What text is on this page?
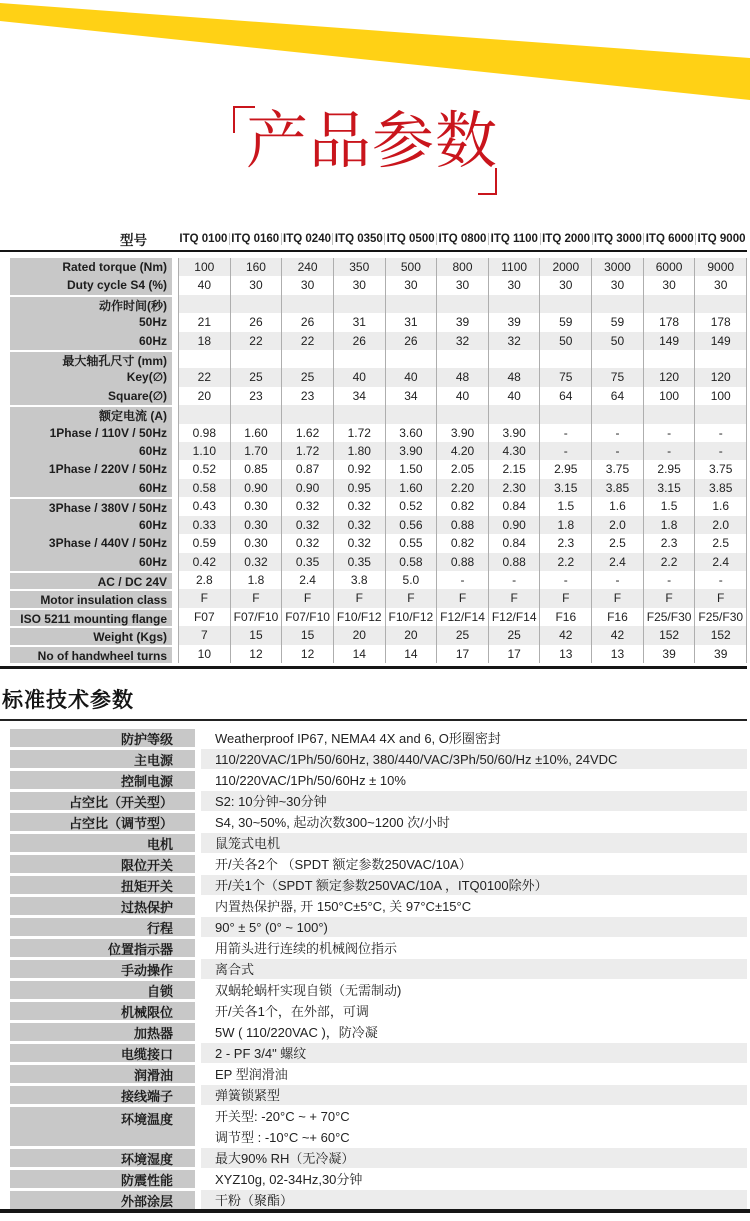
产品参数
型号	ITQ 0100 ITQ 0160 ITQ 0240 ITQ 0350 ITQ 0500 ITQ 0800 ITQ 1100 ITQ 2000 ITQ 3000 ITQ 6000 ITQ 9000
Rated torque (Nm)	100	160	240	350	500	800	1100	2000	3000	6000	9000
Duty cycle S4 (%)	40	30	30	30	30	30	30	30	30	30	30
动作时间(秒)
50Hz	21	26	26	31	31	39	39	59	59	178	178
60Hz	18	22	22	26	26	32	32	50	50	149	149
最大轴孔尺寸 (mm)
Key(∅)	22	25	25	40	40	48	48	75	75	120	120
Square(∅)	20	23	23	34	34	40	40	64	64	100	100
额定电流 (A)
1Phase / 110V / 50Hz	0.98	1.60	1.62	1.72	3.60	3.90	3.90	-	-	-	-
60Hz	1.10	1.70	1.72	1.80	3.90	4.20	4.30	-	-	-	-
1Phase / 220V / 50Hz	0.52	0.85	0.87	0.92	1.50	2.05	2.15	2.95	3.75	2.95	3.75
60Hz	0.58	0.90	0.90	0.95	1.60	2.20	2.30	3.15	3.85	3.15	3.85
3Phase / 380V / 50Hz	0.43	0.30	0.32	0.32	0.52	0.82	0.84	1.5	1.6	1.5	1.6
60Hz	0.33	0.30	0.32	0.32	0.56	0.88	0.90	1.8	2.0	1.8	2.0
3Phase / 440V / 50Hz	0.59	0.30	0.32	0.32	0.55	0.82	0.84	2.3	2.5	2.3	2.5
60Hz	0.42	0.32	0.35	0.35	0.58	0.88	0.88	2.2	2.4	2.2	2.4
AC / DC 24V	2.8	1.8	2.4	3.8	5.0	-	-	-	-	-	-
Motor insulation class	F	F	F	F	F	F	F	F	F	F	F
ISO 5211 mounting flange	F07	F07/F10 F07/F10 F10/F12 F10/F12 F12/F14 F12/F14	F16	F16	F25/F30 F25/F30
Weight (Kgs)	7	15	15	20	20	25	25	42	42	152	152
No of handwheel turns	10	12	12	14	14	17	17	13	13	39	39
标准技术参数
防护等级	Weatherproof IP67, NEMA4 4X and 6, O形圈密封
主电源	110/220VAC/1Ph/50/60Hz, 380/440/VAC/3Ph/50/60/Hz ±10%, 24VDC
控制电源	110/220VAC/1Ph/50/60Hz ± 10%
占空比（开关型）	S2: 10分钟~30分钟
占空比（调节型）	S4, 30~50%, 起动次数300~1200 次/小时
电机	鼠笼式电机
限位开关	开/关各2个 （SPDT 额定参数250VAC/10A）
扭矩开关	开/关1个（SPDT 额定参数250VAC/10A ，ITQ0100除外）
过热保护	内置热保护器, 开 150°C±5°C, 关 97°C±15°C
行程	90° ± 5° (0° ~ 100°)
位置指示器	用箭头进行连续的机械阀位指示
手动操作	离合式
自锁	双蜗轮蜗杆实现自锁（无需制动)
机械限位	开/关各1个，在外部，可调
加热器	5W ( 110/220VAC )，防冷凝
电缆接口	2 - PF 3/4" 螺纹
润滑油	EP 型润滑油
接线端子	弹簧锁紧型
环境温度	开关型: -20°C ~ + 70°C
调节型 : -10°C ~+ 60°C
环境湿度	最大90% RH（无冷凝）
防震性能	XYZ10g, 02-34Hz,30分钟
外部涂层	干粉（聚酯）
